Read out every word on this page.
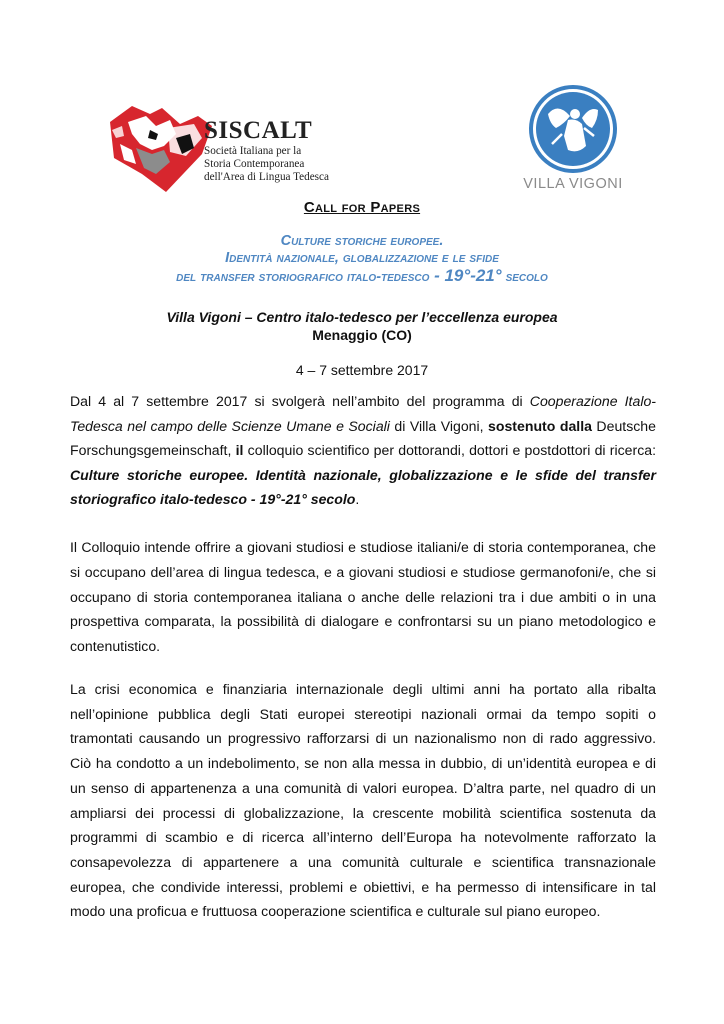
SISCALT
Società Italiana per la
Storia Contemporanea
dell'Area di Lingua Tedesca	VILLA VIGONI
Call for Papers
Culture storiche europee.
Identità nazionale, globalizzazione e le sfide
del transfer storiografico italo-tedesco - 19°-21° secolo
Villa Vigoni – Centro italo-tedesco per l’eccellenza europea
Menaggio (CO)
4 – 7 settembre 2017

Dal 4 al 7 settembre 2017 si svolgerà nell’ambito del programma di Cooperazione Italo-Tedesca nel campo delle Scienze Umane e Sociali di Villa Vigoni, sostenuto dalla Deutsche Forschungsgemeinschaft, il colloquio scientifico per dottorandi, dottori e postdottori di ricerca: Culture storiche europee. Identità nazionale, globalizzazione e le sfide del transfer storiografico italo-tedesco - 19°-21° secolo.

Il Colloquio intende offrire a giovani studiosi e studiose italiani/e di storia contemporanea, che si occupano dell’area di lingua tedesca, e a giovani studiosi e studiose germanofoni/e, che si occupano di storia contemporanea italiana o anche delle relazioni tra i due ambiti o in una prospettiva comparata, la possibilità di dialogare e confrontarsi su un piano metodologico e contenutistico.

La crisi economica e finanziaria internazionale degli ultimi anni ha portato alla ribalta nell’opinione pubblica degli Stati europei stereotipi nazionali ormai da tempo sopiti o tramontati causando un progressivo rafforzarsi di un nazionalismo non di rado aggressivo. Ciò ha condotto a un indebolimento, se non alla messa in dubbio, di un’identità europea e di un senso di appartenenza a una comunità di valori europea. D’altra parte, nel quadro di un ampliarsi dei processi di globalizzazione, la crescente mobilità scientifica sostenuta da programmi di scambio e di ricerca all’interno dell’Europa ha notevolmente rafforzato la consapevolezza di appartenere a una comunità culturale e scientifica transnazionale europea, che condivide interessi, problemi e obiettivi, e ha permesso di intensificare in tal modo una proficua e fruttuosa cooperazione scientifica e culturale sul piano europeo.
